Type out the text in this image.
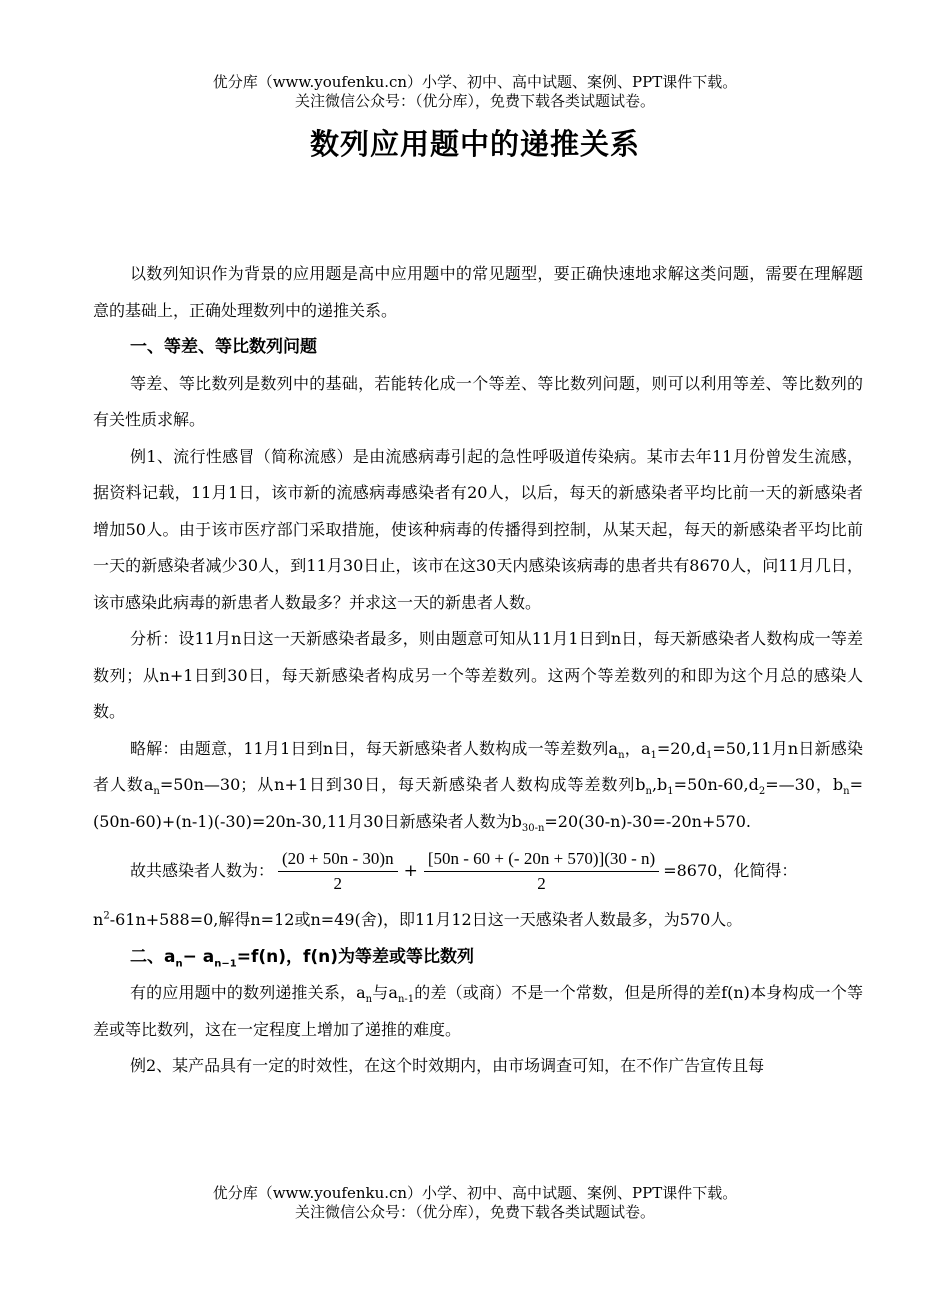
优分库（www.youfenku.cn）小学、初中、高中试题、案例、PPT课件下载。
关注微信公众号：（优分库），免费下载各类试题试卷。
数列应用题中的递推关系

以数列知识作为背景的应用题是高中应用题中的常见题型，要正确快速地求解这类问题，需要在理解题意的基础上，正确处理数列中的递推关系。

一、等差、等比数列问题

等差、等比数列是数列中的基础，若能转化成一个等差、等比数列问题，则可以利用等差、等比数列的有关性质求解。

例1、流行性感冒（简称流感）是由流感病毒引起的急性呼吸道传染病。某市去年11月份曾发生流感，据资料记载，11月1日，该市新的流感病毒感染者有20人，以后，每天的新感染者平均比前一天的新感染者增加50人。由于该市医疗部门采取措施，使该种病毒的传播得到控制，从某天起，每天的新感染者平均比前一天的新感染者减少30人，到11月30日止，该市在这30天内感染该病毒的患者共有8670人，问11月几日，该市感染此病毒的新患者人数最多？并求这一天的新患者人数。

分析：设11月n日这一天新感染者最多，则由题意可知从11月1日到n日，每天新感染者人数构成一等差数列；从n+1日到30日，每天新感染者构成另一个等差数列。这两个等差数列的和即为这个月总的感染人数。

略解：由题意，11月1日到n日，每天新感染者人数构成一等差数列$a_n$，$a_1=20,d_1=50,11$月n日新感染者人数$a_n=50n—30$；从n+1日到30日，每天新感染者人数构成等差数列$b_n,b_1=50n-60,d_2=—30$，$b_n=(50n-60)+(n-1)(-30)=20n-30,11$月30日新感染者人数为$b_{30-n}=20(30-n)-30=-20n+570$.

故共感染者人数为： $\frac{(20 + 50n - 30)n}{2} + \frac{[50n - 60 + (- 20n + 570)](30 - n)}{2} =8670$，化简得：

$n^2-61n+588=0$,解得n=12或n=49(舍)，即11月12日这一天感染者人数最多，为570人。

二、$a_n- a_{n-1}=f(n)$，f(n)为等差或等比数列

有的应用题中的数列递推关系，$a_n$与$a_{n-1}$的差（或商）不是一个常数，但是所得的差f(n)本身构成一个等差或等比数列，这在一定程度上增加了递推的难度。

例2、某产品具有一定的时效性，在这个时效期内，由市场调查可知，在不作广告宣传且每

优分库（www.youfenku.cn）小学、初中、高中试题、案例、PPT课件下载。
关注微信公众号：（优分库），免费下载各类试题试卷。
